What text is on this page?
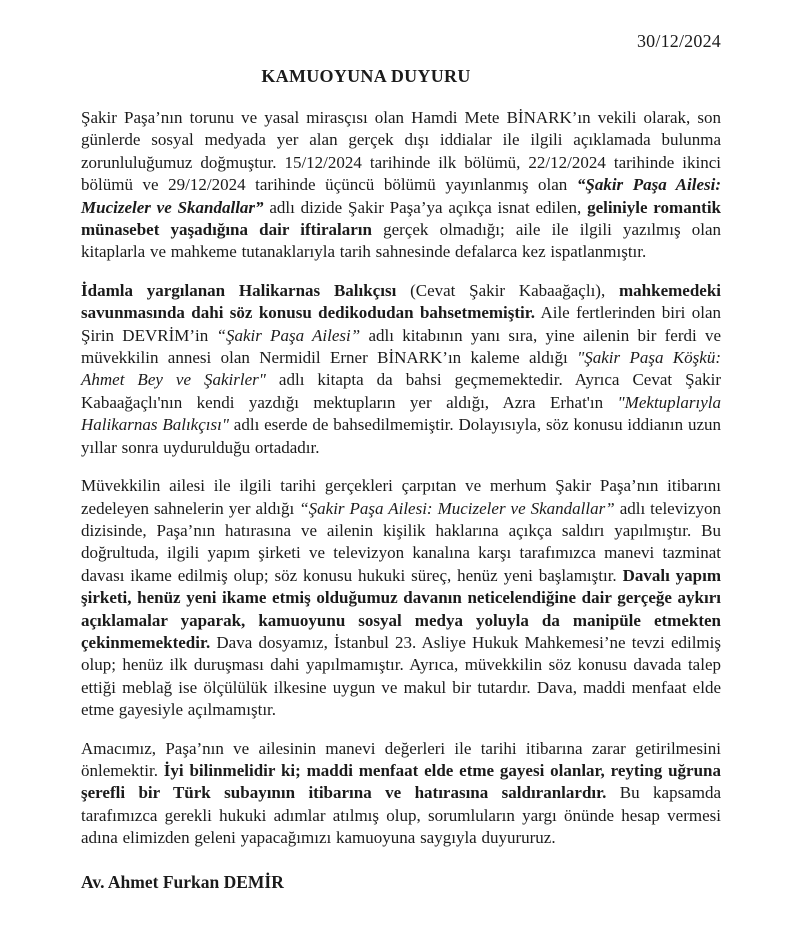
30/12/2024
KAMUOYUNA DUYURU

Şakir Paşa’nın torunu ve yasal mirasçısı olan Hamdi Mete BİNARK’ın vekili olarak, son günlerde sosyal medyada yer alan gerçek dışı iddialar ile ilgili açıklamada bulunma zorunluluğumuz doğmuştur. 15/12/2024 tarihinde ilk bölümü, 22/12/2024 tarihinde ikinci bölümü ve 29/12/2024 tarihinde üçüncü bölümü yayınlanmış olan “Şakir Paşa Ailesi: Mucizeler ve Skandallar” adlı dizide Şakir Paşa’ya açıkça isnat edilen, geliniyle romantik münasebet yaşadığına dair iftiraların gerçek olmadığı; aile ile ilgili yazılmış olan kitaplarla ve mahkeme tutanaklarıyla tarih sahnesinde defalarca kez ispatlanmıştır.

İdamla yargılanan Halikarnas Balıkçısı (Cevat Şakir Kabaağaçlı), mahkemedeki savunmasında dahi söz konusu dedikodudan bahsetmemiştir. Aile fertlerinden biri olan Şirin DEVRİM’in “Şakir Paşa Ailesi” adlı kitabının yanı sıra, yine ailenin bir ferdi ve müvekkilin annesi olan Nermidil Erner BİNARK’ın kaleme aldığı "Şakir Paşa Köşkü: Ahmet Bey ve Şakirler" adlı kitapta da bahsi geçmemektedir. Ayrıca Cevat Şakir Kabaağaçlı'nın kendi yazdığı mektupların yer aldığı, Azra Erhat'ın "Mektuplarıyla Halikarnas Balıkçısı" adlı eserde de bahsedilmemiştir. Dolayısıyla, söz konusu iddianın uzun yıllar sonra uydurulduğu ortadadır.

Müvekkilin ailesi ile ilgili tarihi gerçekleri çarpıtan ve merhum Şakir Paşa’nın itibarını zedeleyen sahnelerin yer aldığı “Şakir Paşa Ailesi: Mucizeler ve Skandallar” adlı televizyon dizisinde, Paşa’nın hatırasına ve ailenin kişilik haklarına açıkça saldırı yapılmıştır. Bu doğrultuda, ilgili yapım şirketi ve televizyon kanalına karşı tarafımızca manevi tazminat davası ikame edilmiş olup; söz konusu hukuki süreç, henüz yeni başlamıştır. Davalı yapım şirketi, henüz yeni ikame etmiş olduğumuz davanın neticelendiğine dair gerçeğe aykırı açıklamalar yaparak, kamuoyunu sosyal medya yoluyla da manipüle etmekten çekinmemektedir. Dava dosyamız, İstanbul 23. Asliye Hukuk Mahkemesi’ne tevzi edilmiş olup; henüz ilk duruşması dahi yapılmamıştır. Ayrıca, müvekkilin söz konusu davada talep ettiği meblağ ise ölçülülük ilkesine uygun ve makul bir tutardır. Dava, maddi menfaat elde etme gayesiyle açılmamıştır.

Amacımız, Paşa’nın ve ailesinin manevi değerleri ile tarihi itibarına zarar getirilmesini önlemektir. İyi bilinmelidir ki; maddi menfaat elde etme gayesi olanlar, reyting uğruna şerefli bir Türk subayının itibarına ve hatırasına saldıranlardır. Bu kapsamda tarafımızca gerekli hukuki adımlar atılmış olup, sorumluların yargı önünde hesap vermesi adına elimizden geleni yapacağımızı kamuoyuna saygıyla duyururuz.

Av. Ahmet Furkan DEMİR
